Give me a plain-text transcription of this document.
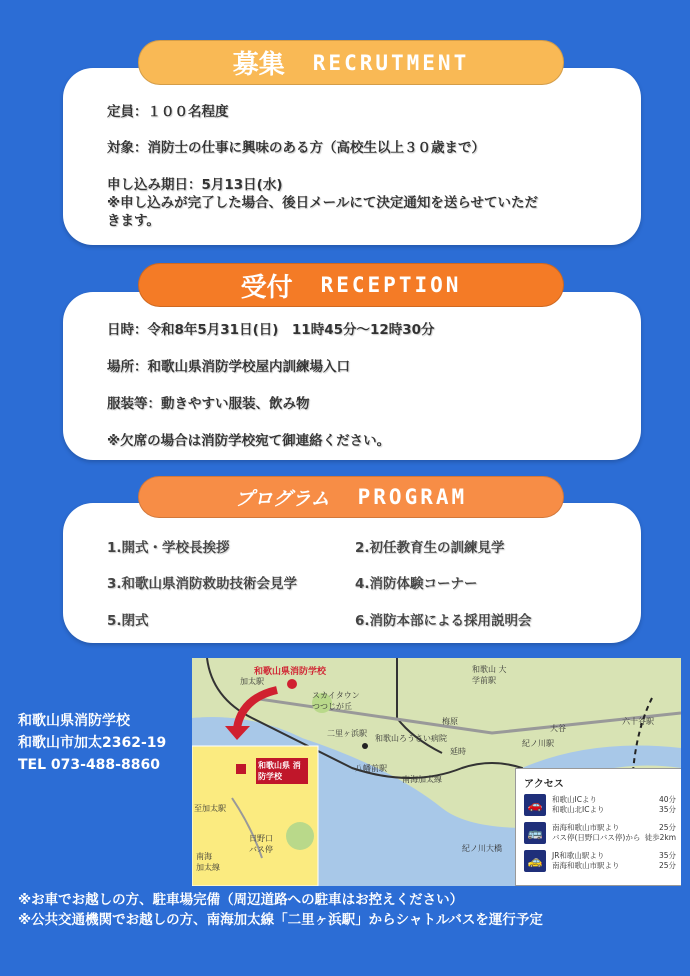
定員：１００名程度
対象：消防士の仕事に興味のある方（高校生以上３０歳まで）
申し込み期日：5月13日(水)
※申し込みが完了した場合、後日メールにて決定通知を送らせていただ
きます。
募集 RECRUTMENT
日時：令和8年5月31日(日)　11時45分～12時30分
場所：和歌山県消防学校屋内訓練場入口
服装等：動きやすい服装、飲み物
※欠席の場合は消防学校宛て御連絡ください。
受付 RECEPTION
1.開式・学校長挨拶	2.初任教育生の訓練見学
3.和歌山県消防救助技術会見学	4.消防体験コーナー
5.閉式	6.消防本部による採用説明会
プログラム PROGRAM
和歌山県消防学校
和歌山市加太2362-19
TEL 073-488-8860
和歌山県消防学校
加太駅
スカイタウン つつじが丘
和歌山 大学前駅
梅原
二里ヶ浜駅
和歌山ろうさい病院
延時
八幡前駅
南海加太線
大谷
紀ノ川駅
六十谷駅
紀ノ川大橋
和歌山県 消防学校
至加太駅
日野口 バス停
南海 加太線
アクセス
🚗	和歌山ICより	40分
和歌山北ICより	35分
🚌	南海和歌山市駅より	25分
バス停(日野口バス停)から 徒歩2km
🚕	JR和歌山駅より	35分
南海和歌山市駅より	25分
※お車でお越しの方、駐車場完備（周辺道路への駐車はお控えください）
※公共交通機関でお越しの方、南海加太線「二里ヶ浜駅」からシャトルバスを運行予定
